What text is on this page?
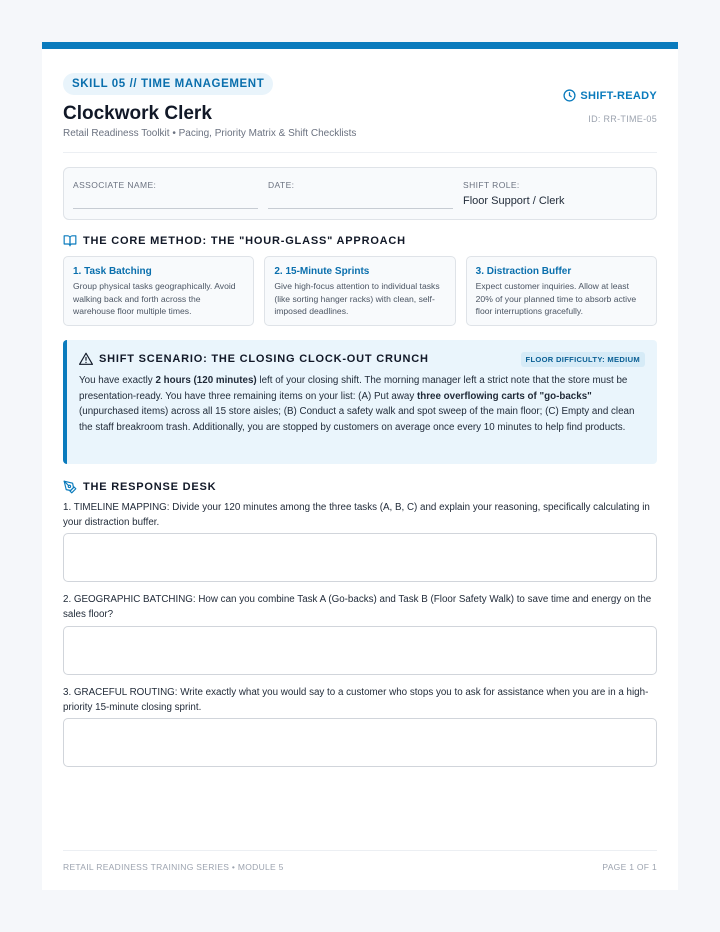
SKILL 05 // TIME MANAGEMENT
Clockwork Clerk
Retail Readiness Toolkit • Pacing, Priority Matrix & Shift Checklists
SHIFT-READY
ID: RR-TIME-05
ASSOCIATE NAME:	DATE:	SHIFT ROLE:
Floor Support / Clerk
THE CORE METHOD: THE "HOUR-GLASS" APPROACH
1. Task Batching
Group physical tasks geographically. Avoid walking back and forth across the warehouse floor multiple times.
2. 15-Minute Sprints
Give high-focus attention to individual tasks (like sorting hanger racks) with clean, self-imposed deadlines.
3. Distraction Buffer
Expect customer inquiries. Allow at least 20% of your planned time to absorb active floor interruptions gracefully.
SHIFT SCENARIO: THE CLOSING CLOCK-OUT CRUNCH	FLOOR DIFFICULTY: MEDIUM
You have exactly 2 hours (120 minutes) left of your closing shift. The morning manager left a strict note that the store must be presentation-ready. You have three remaining items on your list: (A) Put away three overflowing carts of "go-backs" (unpurchased items) across all 15 store aisles; (B) Conduct a safety walk and spot sweep of the main floor; (C) Empty and clean the staff breakroom trash. Additionally, you are stopped by customers on average once every 10 minutes to help find products.
THE RESPONSE DESK
1. TIMELINE MAPPING: Divide your 120 minutes among the three tasks (A, B, C) and explain your reasoning, specifically calculating in your distraction buffer.
2. GEOGRAPHIC BATCHING: How can you combine Task A (Go-backs) and Task B (Floor Safety Walk) to save time and energy on the sales floor?
3. GRACEFUL ROUTING: Write exactly what you would say to a customer who stops you to ask for assistance when you are in a high-priority 15-minute closing sprint.
RETAIL READINESS TRAINING SERIES • MODULE 5	PAGE 1 OF 1
